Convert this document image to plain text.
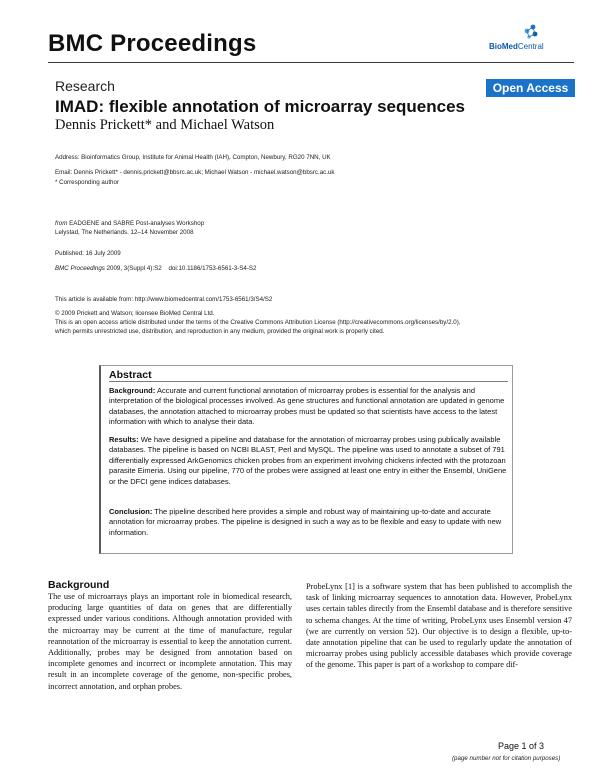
BMC Proceedings	BioMedCentral
Research	Open Access
IMAD: flexible annotation of microarray sequences
Dennis Prickett* and Michael Watson
Address: Bioinformatics Group, Institute for Animal Health (IAH), Compton, Newbury, RG20 7NN, UK
Email: Dennis Prickett* - dennis.prickett@bbsrc.ac.uk; Michael Watson - michael.watson@bbsrc.ac.uk
* Corresponding author
from EADGENE and SABRE Post-analyses Workshop
Lelystad, The Netherlands. 12–14 November 2008
Published: 16 July 2009
BMC Proceedings 2009, 3(Suppl 4):S2    doi:10.1186/1753-6561-3-S4-S2
This article is available from: http://www.biomedcentral.com/1753-6561/3/S4/S2
© 2009 Prickett and Watson; licensee BioMed Central Ltd.
This is an open access article distributed under the terms of the Creative Commons Attribution License (http://creativecommons.org/licenses/by/2.0),
which permits unrestricted use, distribution, and reproduction in any medium, provided the original work is properly cited.
Abstract
Background: Accurate and current functional annotation of microarray probes is essential for the analysis and interpretation of the biological processes involved. As gene structures and functional annotation are updated in genome databases, the annotation attached to microarray probes must be updated so that scientists have access to the latest information with which to analyse their data.
Results: We have designed a pipeline and database for the annotation of microarray probes using publically available databases. The pipeline is based on NCBI BLAST, Perl and MySQL. The pipeline was used to annotate a subset of 791 differentially expressed ArkGenomics chicken probes from an experiment involving chickens infected with the protozoan parasite Eimeria. Using our pipeline, 770 of the probes were assigned at least one entry in either the Ensembl, UniGene or the DFCI gene indices databases.
Conclusion: The pipeline described here provides a simple and robust way of maintaining up-to-date and accurate annotation for microarray probes. The pipeline is designed in such a way as to be flexible and easy to update with new information.
Background
The use of microarrays plays an important role in biomedical research, producing large quantities of data on genes that are differentially expressed under various conditions. Although annotation provided with the microarray may be current at the time of manufacture, regular reannotation of the microarray is essential to keep the annotation current. Additionally, probes may be designed from annotation based on incomplete genomes and incorrect or incomplete annotation. This may result in an incomplete coverage of the genome, non-specific probes, incorrect annotation, and orphan probes.
ProbeLynx [1] is a software system that has been published to accomplish the task of linking microarray sequences to annotation data. However, ProbeLynx uses certain tables directly from the Ensembl database and is therefore sensitive to schema changes. At the time of writing, ProbeLynx uses Ensembl version 47 (we are currently on version 52). Our objective is to design a flexible, up-to-date annotation pipeline that can be used to regularly update the annotation of microarray probes using publicly accessible databases which provide coverage of the genome. This paper is part of a workshop to compare dif-
Page 1 of 3
(page number not for citation purposes)
